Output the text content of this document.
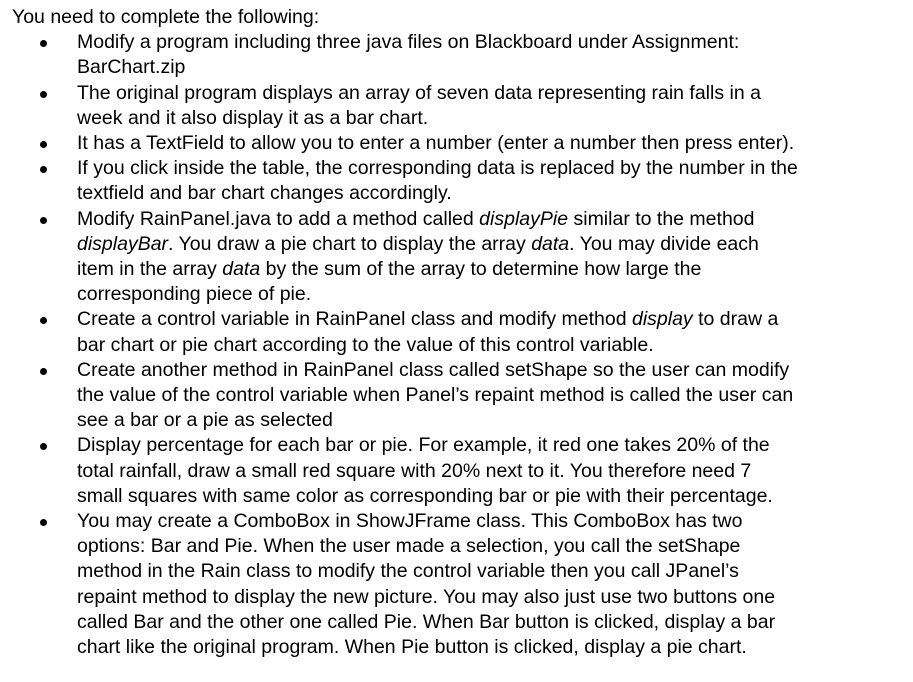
You need to complete the following:

Modify a program including three java files on Blackboard under Assignment:
BarChart.zip
The original program displays an array of seven data representing rain falls in a
week and it also display it as a bar chart.
It has a TextField to allow you to enter a number (enter a number then press enter).
If you click inside the table, the corresponding data is replaced by the number in the
textfield and bar chart changes accordingly.
Modify RainPanel.java to add a method called displayPie similar to the method
displayBar. You draw a pie chart to display the array data. You may divide each
item in the array data by the sum of the array to determine how large the
corresponding piece of pie.
Create a control variable in RainPanel class and modify method display to draw a
bar chart or pie chart according to the value of this control variable.
Create another method in RainPanel class called setShape so the user can modify
the value of the control variable when Panel’s repaint method is called the user can
see a bar or a pie as selected
Display percentage for each bar or pie. For example, it red one takes 20% of the
total rainfall, draw a small red square with 20% next to it. You therefore need 7
small squares with same color as corresponding bar or pie with their percentage.
You may create a ComboBox in ShowJFrame class. This ComboBox has two
options: Bar and Pie. When the user made a selection, you call the setShape
method in the Rain class to modify the control variable then you call JPanel’s
repaint method to display the new picture. You may also just use two buttons one
called Bar and the other one called Pie. When Bar button is clicked, display a bar
chart like the original program. When Pie button is clicked, display a pie chart.
